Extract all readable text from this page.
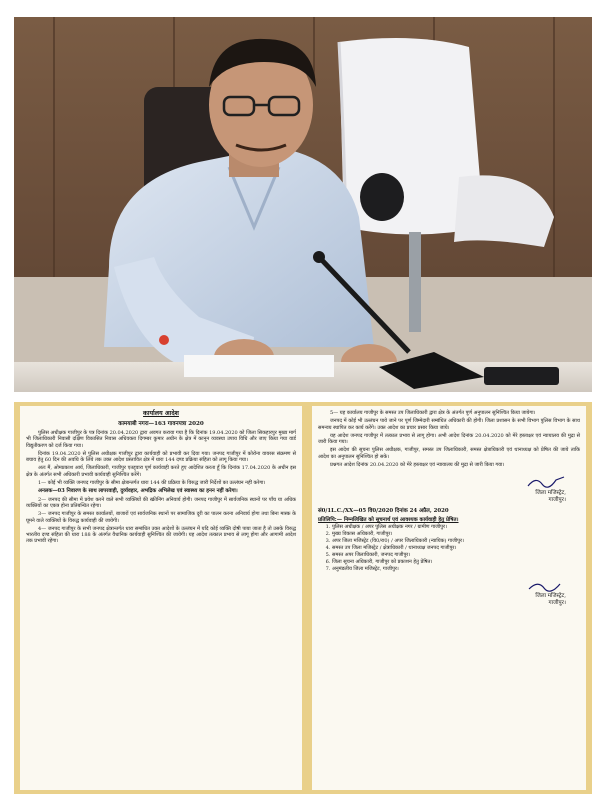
कार्यालय आदेश
कामयाबी नगरा—163 गावनपत्रा 2020

पुलिस अधीक्षक गाजीपुर के पत्र दिनांक 20.04.2020 द्वारा अवगत कराया गया है कि दिनांक 19.04.2020 को जिला सिकहारपुर मुख्य मार्ग भी जिलाधिकारी निवासी दक्षिण विकासित निवास अधिवक्ता दिगम्बर कुमार अधीन के क्षेत्र में कानून व्यवस्था उपाय विधि और जाए किया गया वार्ड विद्युतीकरण को दर्ज किया गया।

दिनांक 19.04.2020 से पुलिस अधीक्षक गाजीपुर द्वारा कार्यवाही को प्रभावी कर दिया गया। जनपद गाजीपुर में कोरोना वायरस संक्रमण से बचाव हेतु 60 दिन की अवधि के लिये तक उक्त आदेश प्रस्तावित क्षेत्र में धारा 144 दण्ड प्रक्रिया संहिता को लागू किया गया।

अतः मैं, ओमप्रकाश आर्य, जिलाधिकारी, गाजीपुर एतद्द्वारा पूर्ण कार्यवाही करते हुए आदेशित करता हूँ कि दिनांक 17.04.2020 के अधीन इस क्षेत्र के अंतर्गत सभी अधिकारी प्रभावी कार्यवाही सुनिश्चित करेंगे।

1— कोई भी व्यक्ति जनपद गाजीपुर के सीमा क्षेत्रान्तर्गत धारा 144 की प्रक्रिया के विरुद्ध जारी निर्देशों का उल्लंघन नहीं करेगा।

अनलक—03 निवारण के साथ लापरवाही, दुर्व्यवहार, अभद्रिक अभिलेख एवं स्वास्थ्य का हनन नहीं करेगा।

2— जनपद की सीमा में प्रवेश करने वाले सभी व्यक्तियों की स्क्रीनिंग अनिवार्य होगी। जनपद गाजीपुर में सार्वजनिक स्थानों पर पाँच या अधिक व्यक्तियों का एकत्र होना प्रतिबन्धित रहेगा।

3— जनपद गाजीपुर के समस्त कार्यालयों, बाजारों एवं सार्वजनिक स्थानों पर सामाजिक दूरी का पालन करना अनिवार्य होगा तथा बिना मास्क के घूमने वाले व्यक्तियों के विरुद्ध कार्यवाही की जायेगी।

4— जनपद गाजीपुर के सभी जनपद क्षेत्रान्तर्गत धारा सम्बंधित उक्त आदेशों के उल्लंघन में यदि कोई व्यक्ति दोषी पाया जाता है तो उसके विरुद्ध भारतीय दण्ड संहिता की धारा 188 के अंतर्गत वैधानिक कार्यवाही सुनिश्चित की जायेगी। यह आदेश तत्काल प्रभाव से लागू होगा और आगामी आदेश तक प्रभावी रहेगा।

5— यह कार्यालय गाजीपुर के समस्त उप जिलाधिकारी द्वारा क्षेत्र के अंतर्गत पूर्ण अनुपालन सुनिश्चित किया जायेगा।

जनपद में कोई भी उल्लंघन पाये जाने पर पूर्ण जिम्मेदारी सम्बंधित अधिकारी की होगी। जिला प्रशासन के सभी विभाग पुलिस विभाग के साथ समन्वय स्थापित कर कार्य करेंगे। उक्त आदेश का प्रचार प्रसार किया जाये।

यह आदेश जनपद गाजीपुर में तत्काल प्रभाव से लागू होगा। अभी आदेश दिनांक 20.04.2020 को मेरे हस्ताक्षर एवं न्यायालय की मुद्रा से जारी किया गया।

इस आदेश की सूचना पुलिस अधीक्षक, गाजीपुर, समस्त उप जिलाधिकारी, समस्त क्षेत्राधिकारी एवं थानाध्यक्ष को प्रेषित की जाये ताकि आदेश का अनुपालन सुनिश्चित हो सके।

प्रश्नगत आदेश दिनांक 20.04.2020 को मेरे हस्ताक्षर एवं न्यायालय की मुद्रा से जारी किया गया।

जिला मजिस्ट्रेट,
गाजीपुर।
सं0/1L.C./XX—05 वि0/2020 दिनांक 24 अप्रैल, 2020
प्रतिलिपि:— निम्नलिखित को सूचनार्थ एवं आवश्यक कार्यवाही हेतु प्रेषित।
1. पुलिस अधीक्षक / अपर पुलिस अधीक्षक नगर / ग्रामीण गाजीपुर।
2. मुख्य विकास अधिकारी, गाजीपुर।
3. अपर जिला मजिस्ट्रेट (वि0/रा0) / अपर जिलाधिकारी (न्यायिक) गाजीपुर।
4. समस्त उप जिला मजिस्ट्रेट / क्षेत्राधिकारी / थानाध्यक्ष जनपद गाजीपुर।
5. समस्त अपर जिलाधिकारी, जनपद गाजीपुर।
6. जिला सूचना अधिकारी, गाजीपुर को प्रकाशन हेतु प्रेषित।
7. अनुमंडलीय जिला मजिस्ट्रेट, गाजीपुर।
जिला मजिस्ट्रेट,
गाजीपुर।
